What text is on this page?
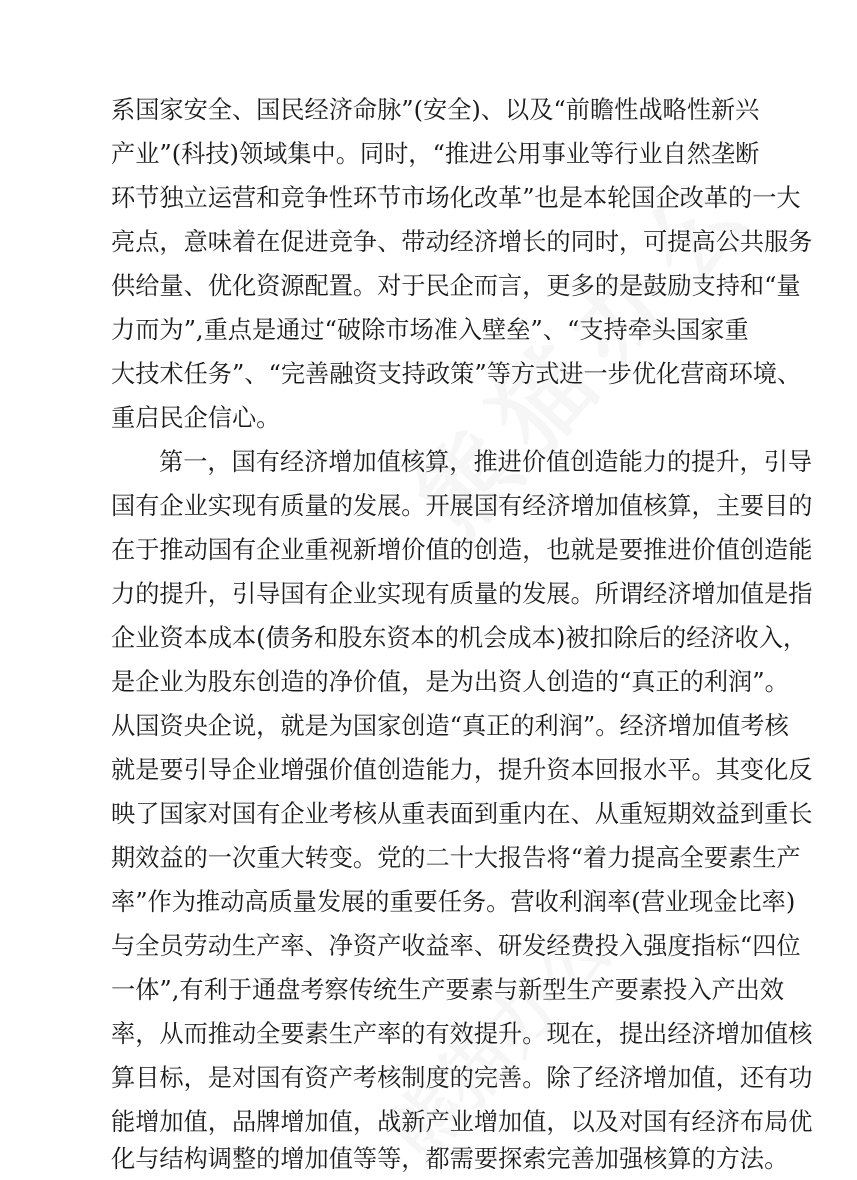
系国家安全、国民经济命脉”(安全)、以及“前瞻性战略性新兴
产业”(科技)领域集中。同时，“推进公用事业等行业自然垄断
环节独立运营和竞争性环节市场化改革”也是本轮国企改革的一大
亮点，意味着在促进竞争、带动经济增长的同时，可提高公共服务
供给量、优化资源配置。对于民企而言，更多的是鼓励支持和“量
力而为”,重点是通过“破除市场准入壁垒”、“支持牵头国家重
大技术任务”、“完善融资支持政策”等方式进一步优化营商环境、
重启民企信心。
第一，国有经济增加值核算，推进价值创造能力的提升，引导
国有企业实现有质量的发展。开展国有经济增加值核算，主要目的
在于推动国有企业重视新增价值的创造，也就是要推进价值创造能
力的提升，引导国有企业实现有质量的发展。所谓经济增加值是指
企业资本成本(债务和股东资本的机会成本)被扣除后的经济收入，
是企业为股东创造的净价值，是为出资人创造的“真正的利润”。
从国资央企说，就是为国家创造“真正的利润”。经济增加值考核
就是要引导企业增强价值创造能力，提升资本回报水平。其变化反
映了国家对国有企业考核从重表面到重内在、从重短期效益到重长
期效益的一次重大转变。党的二十大报告将“着力提高全要素生产
率”作为推动高质量发展的重要任务。营收利润率(营业现金比率)
与全员劳动生产率、净资产收益率、研发经费投入强度指标“四位
一体”,有利于通盘考察传统生产要素与新型生产要素投入产出效
率，从而推动全要素生产率的有效提升。现在，提出经济增加值核
算目标，是对国有资产考核制度的完善。除了经济增加值，还有功
能增加值，品牌增加值，战新产业增加值，以及对国有经济布局优
化与结构调整的增加值等等，都需要探索完善加强核算的方法。
